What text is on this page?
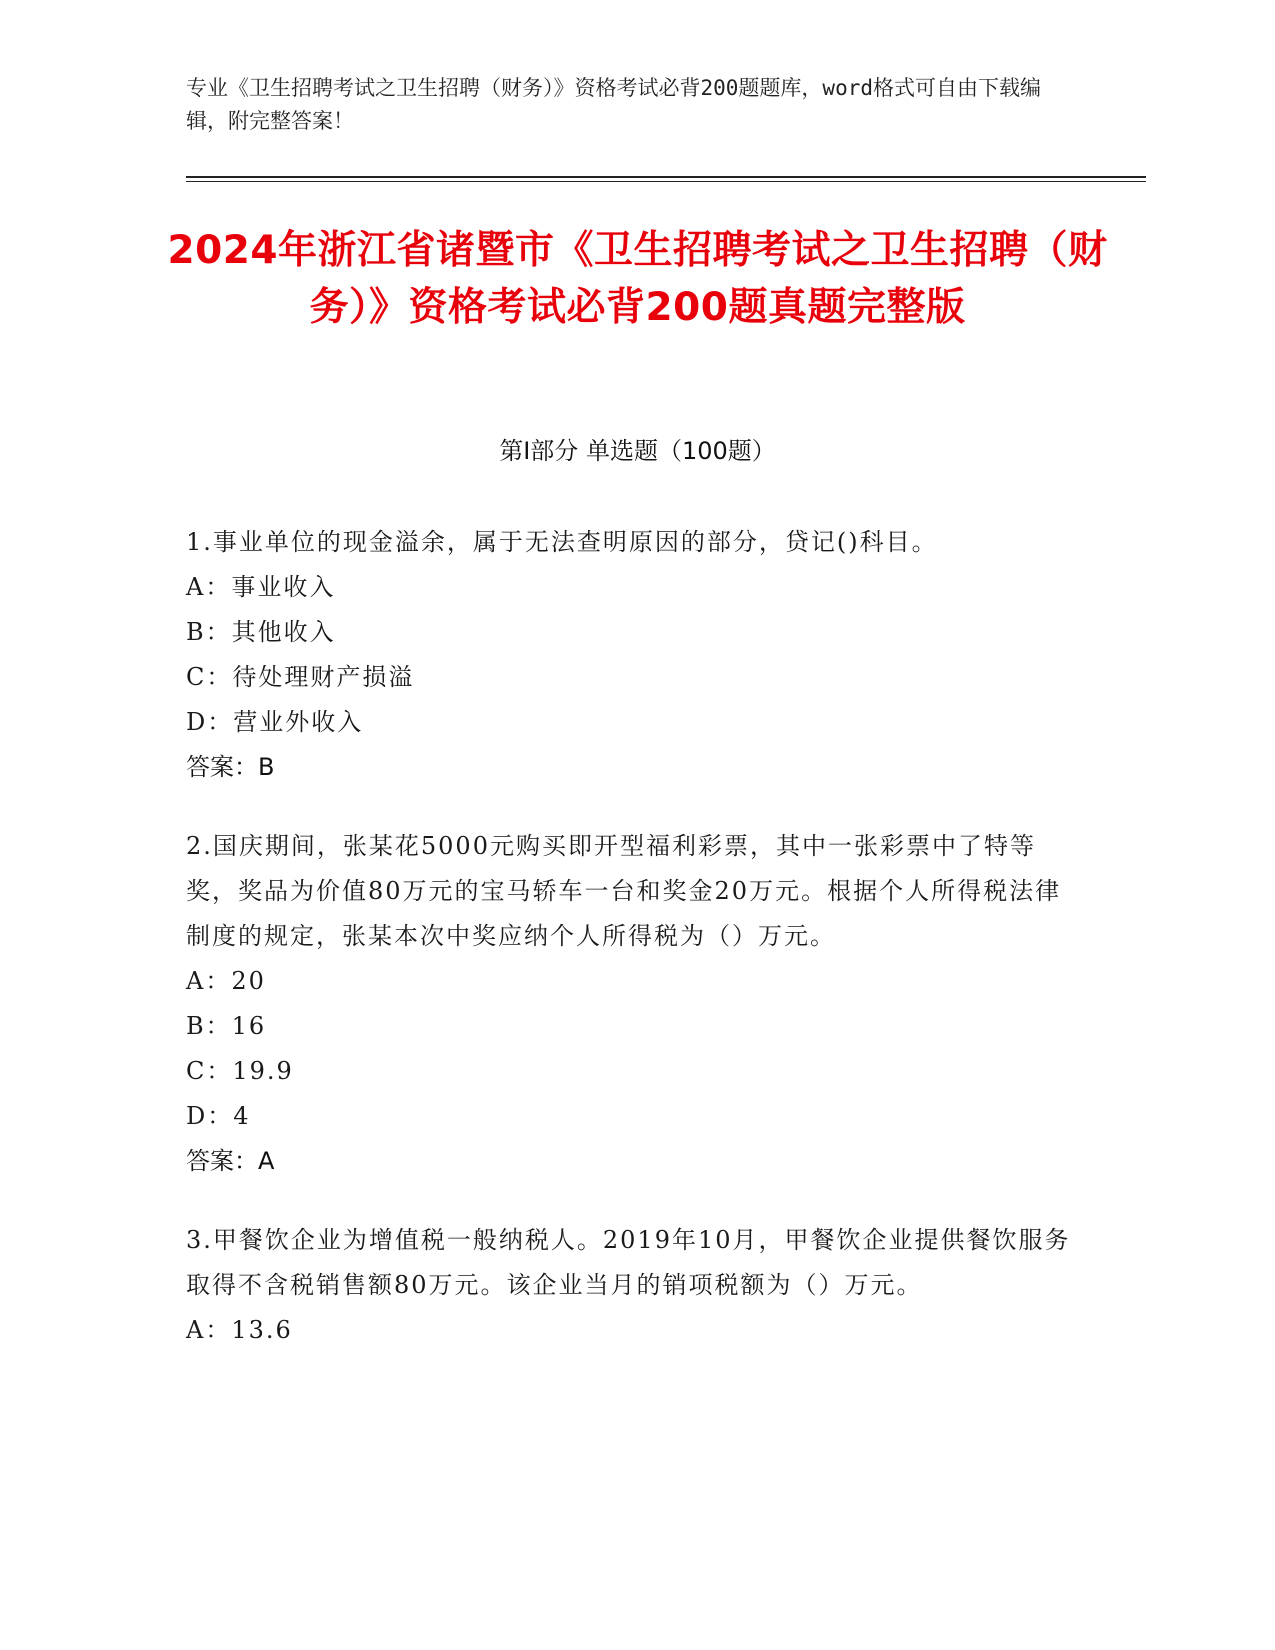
专业《卫生招聘考试之卫生招聘（财务）》资格考试必背200题题库，word格式可自由下载编辑，附完整答案！
2024年浙江省诸暨市《卫生招聘考试之卫生招聘（财务）》资格考试必背200题真题完整版
第I部分 单选题（100题）

1.事业单位的现金溢余，属于无法查明原因的部分，贷记()科目。

A：事业收入

B：其他收入

C：待处理财产损溢

D：营业外收入

答案：B

2.国庆期间，张某花5000元购买即开型福利彩票，其中一张彩票中了特等奖，奖品为价值80万元的宝马轿车一台和奖金20万元。根据个人所得税法律制度的规定，张某本次中奖应纳个人所得税为（）万元。

A：20

B：16

C：19.9

D：4

答案：A

3.甲餐饮企业为增值税一般纳税人。2019年10月，甲餐饮企业提供餐饮服务取得不含税销售额80万元。该企业当月的销项税额为（）万元。

A：13.6
